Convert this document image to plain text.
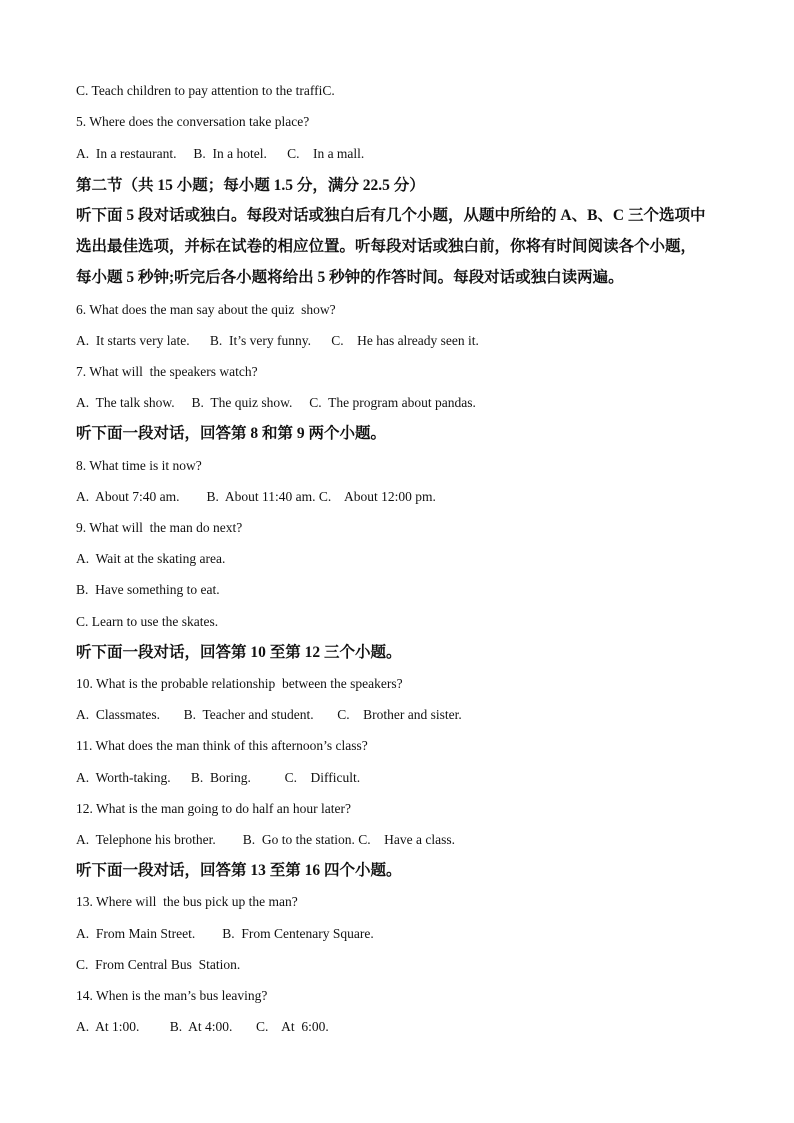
C. Teach children to pay attention to the traffiC.
5. Where does the conversation take place?
A.  In a restaurant.     B.  In a hotel.      C.    In a mall.
第二节（共 15 小题；每小题 1.5 分，满分 22.5 分）
听下面 5 段对话或独白。每段对话或独白后有几个小题，从题中所给的 A、B、C 三个选项中
选出最佳选项，并标在试卷的相应位置。听每段对话或独白前，你将有时间阅读各个小题，
每小题 5 秒钟;听完后各小题将给出 5 秒钟的作答时间。每段对话或独白读两遍。
6. What does the man say about the quiz  show?
A.  It starts very late.      B.  It’s very funny.      C.    He has already seen it.
7. What will  the speakers watch?
A.  The talk show.     B.  The quiz show.     C.  The program about pandas.
听下面一段对话，回答第 8 和第 9 两个小题。
8. What time is it now?
A.  About 7:40 am.        B.  About 11:40 am. C.    About 12:00 pm.
9. What will  the man do next?
A.  Wait at the skating area.
B.  Have something to eat.
C. Learn to use the skates.
听下面一段对话，回答第 10 至第 12 三个小题。
10. What is the probable relationship  between the speakers?
A.  Classmates.       B.  Teacher and student.       C.    Brother and sister.
11. What does the man think of this afternoon’s class?
A.  Worth-taking.      B.  Boring.          C.    Difficult.
12. What is the man going to do half an hour later?
A.  Telephone his brother.        B.  Go to the station. C.    Have a class.
听下面一段对话，回答第 13 至第 16 四个小题。
13. Where will  the bus pick up the man?
A.  From Main Street.        B.  From Centenary Square.
C.  From Central Bus  Station.
14. When is the man’s bus leaving?
A.  At 1:00.         B.  At 4:00.       C.    At  6:00.
